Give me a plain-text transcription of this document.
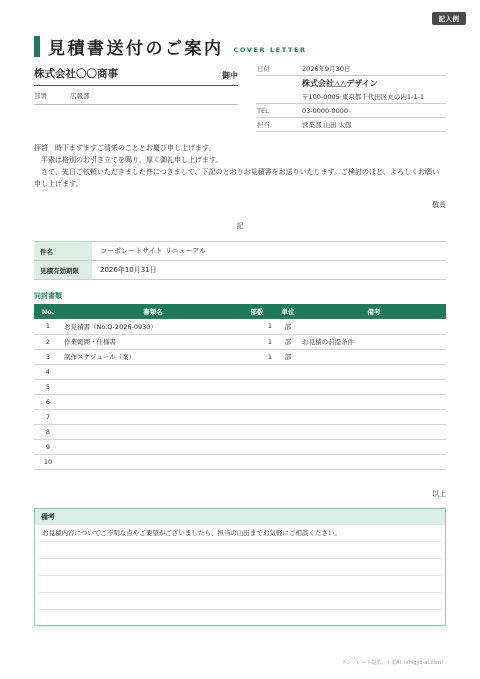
記入例
見積書送付のご案内 COVER LETTER
株式会社〇〇商事	御中
部署	広報部
日付	2026年9月30日
株式会社△△デザイン
〒100-0005 東京都千代田区丸の内1-1-1
TEL	03-0000-0000
担当	営業部 山田 太郎

拝啓　時下ますますご清栄のこととお慶び申し上げます。

　平素は格別のお引き立てを賜り、厚く御礼申し上げます。

　さて、先日ご依頼いただきました件につきまして、下記のとおりお見積書をお送りいたします。ご検討のほど、よろしくお願い申し上げます。

敬具
記
件名	コーポレートサイト リニューアル
見積有効期限	2026年10月31日
同封書類
No.	書類名	部数	単位	備考
1	お見積書（No.Q-2026-0930）	1	部	
2	作業範囲・仕様書	1	部	お見積の前提条件
3	制作スケジュール（案）	1	部	
4				
5				
6				
7				
8				
9				
10				
以上
備考
お見積内容についてご不明な点やご要望がございましたら、担当の山田までお気軽にご相談ください。
テンプレート提供：士業AI（shigyo-ai.com）
